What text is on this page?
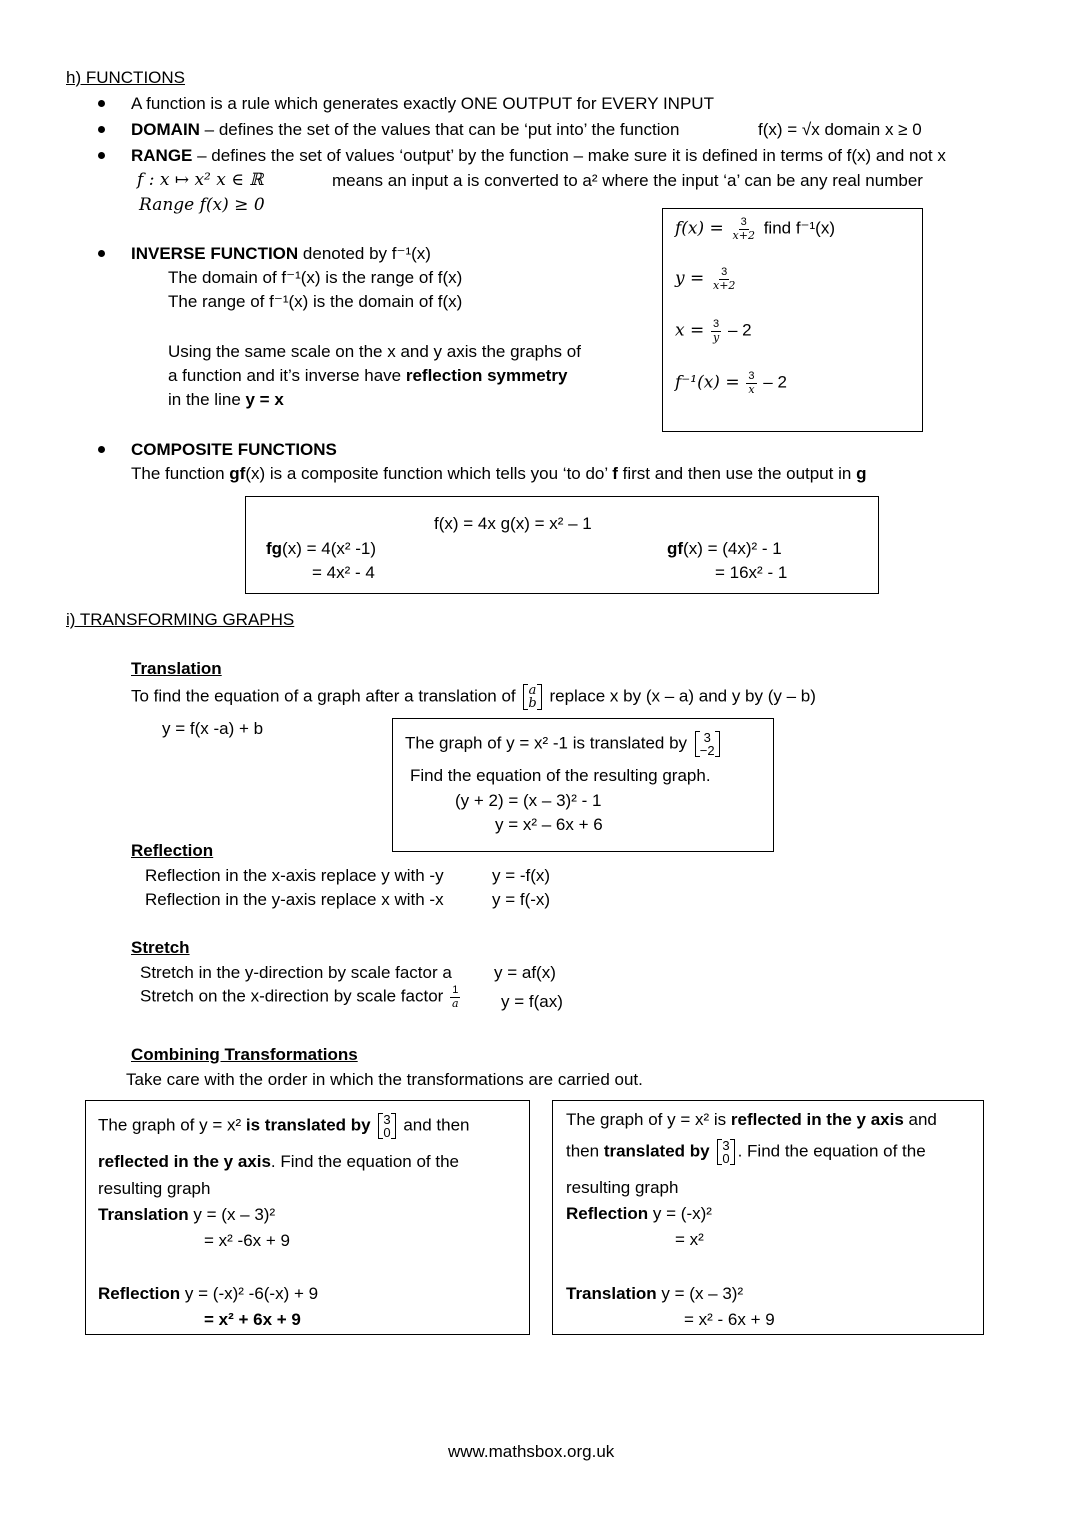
h) FUNCTIONS
A function is a rule which generates exactly ONE OUTPUT for EVERY INPUT
DOMAIN – defines the set of the values that can be ‘put into’ the function	f(x) = √x domain x ≥ 0
RANGE – defines the set of values ‘output’ by the function – make sure it is defined in terms of f(x) and not x
f : x ↦ x² x ∈ ℝ	means an input a is converted to a² where the input ‘a’ can be any real number
Range f(x) ≥ 0
INVERSE FUNCTION denoted by f⁻¹(x)
The domain of f⁻¹(x) is the range of f(x)
The range of f⁻¹(x) is the domain of f(x)
Using the same scale on the x and y axis the graphs of
a function and it’s inverse have reflection symmetry
in the line y = x
$f(x) = \frac{3}{x+2}$ find f⁻¹(x)
$y = \frac{3}{x+2}$
$x = \frac{3}{y} - 2$
$f^{-1}(x) = \frac{3}{x} - 2$
COMPOSITE FUNCTIONS
The function gf(x) is a composite function which tells you ‘to do’ f first and then use the output in g
f(x) = 4x g(x) = x² – 1
fg(x) = 4(x² -1)
= 4x² - 4
gf(x) = (4x)² - 1
= 16x² - 1
i) TRANSFORMING GRAPHS
Translation
To find the equation of a graph after a translation of a
b replace x by (x – a) and y by (y – b)
y = f(x -a) + b
The graph of y = x² -1 is translated by 3
−2
Find the equation of the resulting graph.
(y + 2) = (x – 3)² - 1
y = x² – 6x + 6
Reflection
Reflection in the x-axis replace y with -y	y = -f(x)
Reflection in the y-axis replace x with -x	y = f(-x)
Stretch
Stretch in the y-direction by scale factor a y = af(x)
Stretch on the x-direction by scale factor $\frac{1}{a}$ y = f(ax)
Combining Transformations
Take care with the order in which the transformations are carried out.
The graph of y = x² is translated by 3
0 and then
reflected in the y axis. Find the equation of the
resulting graph
Translation y = (x – 3)²
= x² -6x + 9
Reflection y = (-x)² -6(-x) + 9
= x² + 6x + 9
The graph of y = x² is reflected in the y axis and
then translated by 3
0 . Find the equation of the
resulting graph
Reflection y = (-x)²
= x²
Translation y = (x – 3)²
= x² - 6x + 9
www.mathsbox.org.uk
